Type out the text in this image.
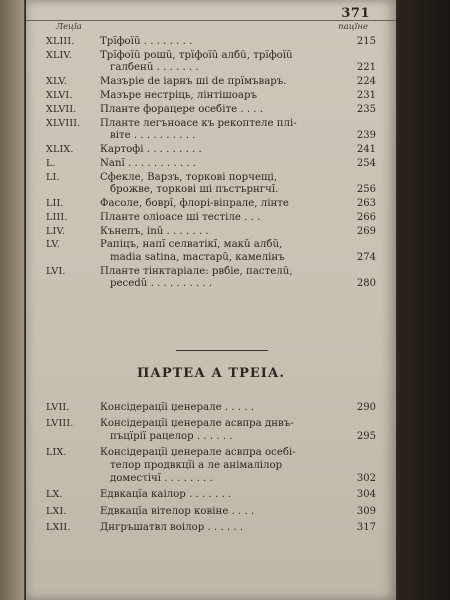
371
Лецїа	пацїне
XLIII.	Трїфоїŭ . . . . . . . .	215
XLIV.	Трїфоїŭ рошŭ, трїфоїŭ албŭ, трїфоїŭ
галбенŭ . . . . . . .	221
XLV.	Мазъріе de іарнъ ші de прїмъвaръ.	224
XLVI.	Мазъре нестрiць, лiнтiшоаръ	231
XLVII.	Планте форацере осебіте . . . .	235
XLVIII.	Планте легънoасе къ рекоптеле плі-
віте . . . . . . . . . .	239
XLIX.	Картофі . . . . . . . . .	241
L.	Nanĭ . . . . . . . . . . .	254
LI.	Сфекле, Варзъ, торкові порчещі,
брожве, торкові ші пъстърнгчĭ.	256
LII.	Фасоле, боврĭ, флорі-віпрале, лінте	263
LIII.	Планте оліоасе ші тестіле . . .	266
LIV.	Кънепъ, inŭ . . . . . . .	269
LV.	Рапіцъ, напĭ селватікĭ, макŭ албŭ,
madia satina, mастарŭ, камелінъ	274
LVI.	Планте тінктаріале: рвбіе, пастелŭ,
ресеdŭ . . . . . . . . . .	280
ПАРТЕА А ТРЕІА.
LVII.	Консідерацїі џенерале . . . . .	290
LVIII.	Консідерацїі џенерале асвпра днвъ-
пъцїрії рацелор . . . . . .	295
LIX.	Консідерацїі џенерале асвпра осебі-
телор продвкцїі а ле анімалілор
домесτічĭ . . . . . . . .	302
LX.	Едвкацїа каілор . . . . . . .	304
LXI.	Едвкацїа вітелор ковіне . . . .	309
LXII.	Днгръшатвл воілор . . . . . .	317
